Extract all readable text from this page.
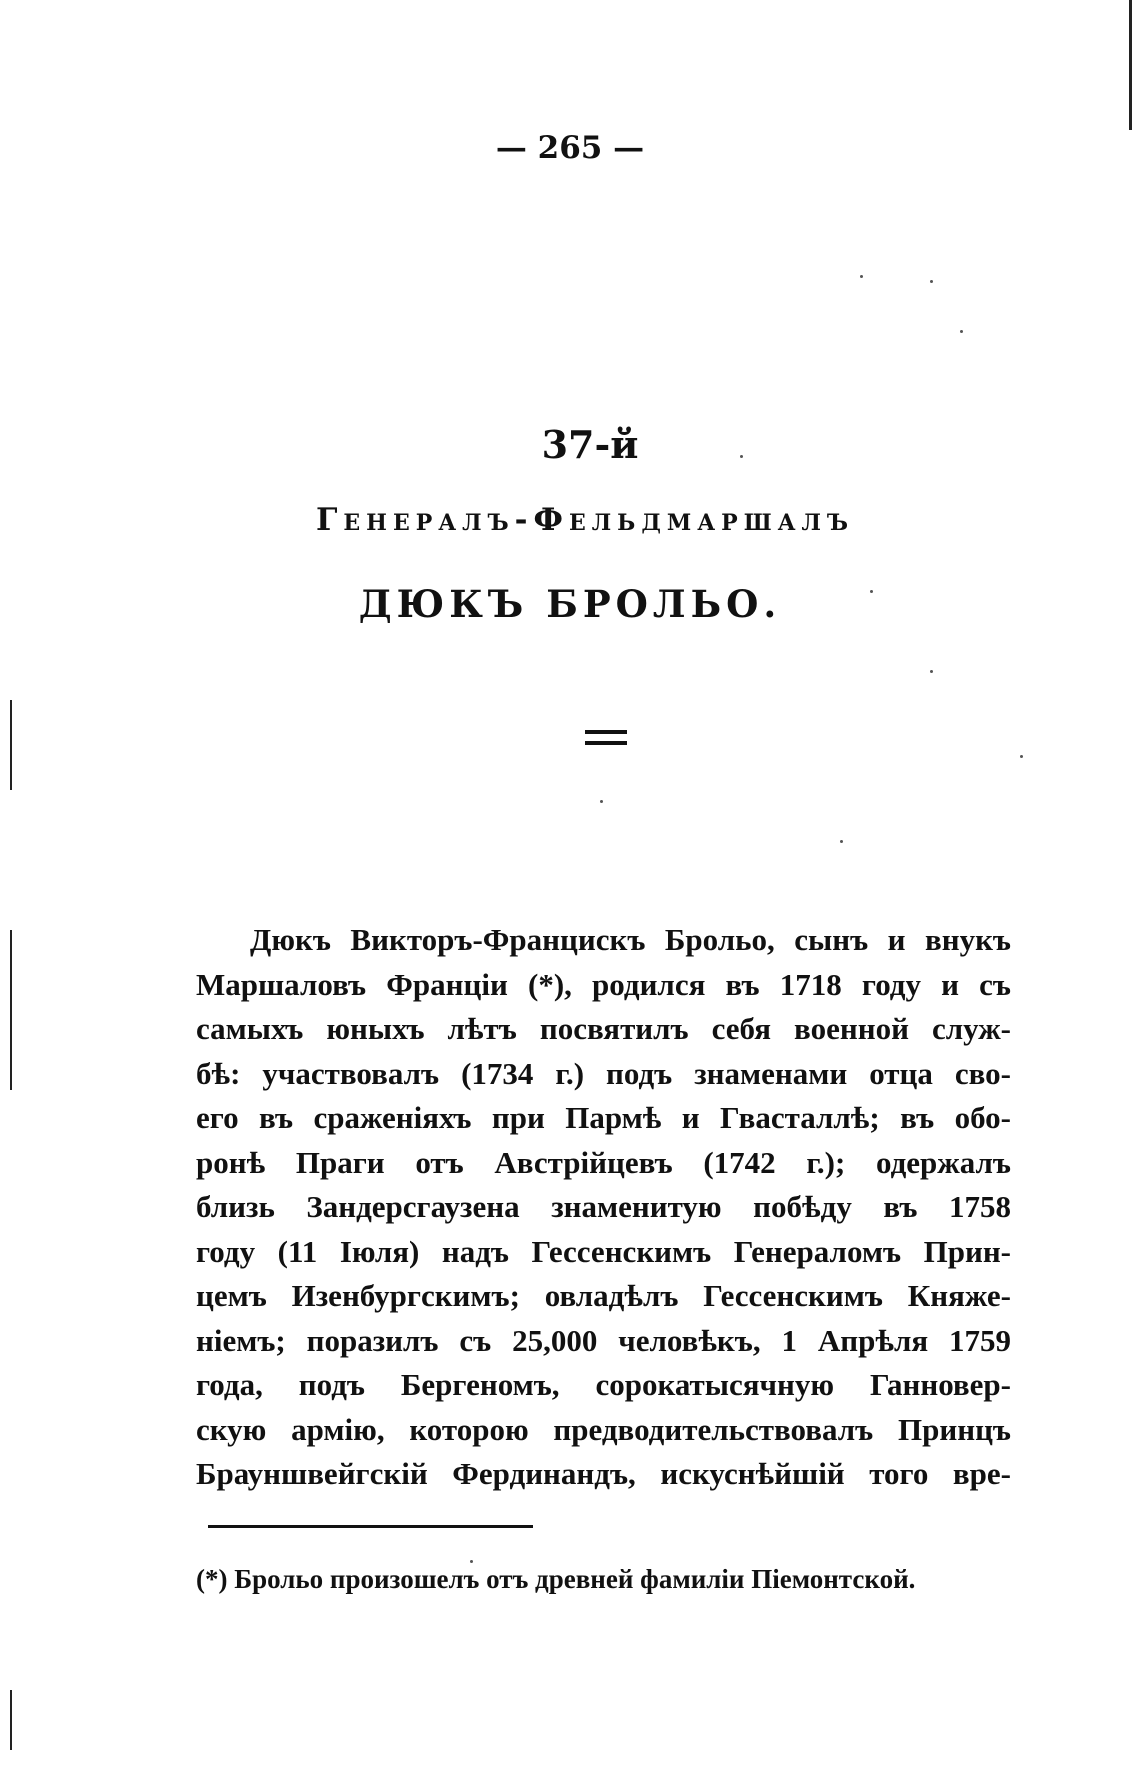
— 265 —
37-й
Генералъ-Фельдмаршалъ
ДЮКЪ БРОЛЬО.
Дюкъ Викторъ-Францискъ Брольо, сынъ и внукъ
Маршаловъ Франціи (*), родился въ 1718 году и съ
самыхъ юныхъ лѣтъ посвятилъ себя военной служ-
бѣ: участвовалъ (1734 г.) подъ знаменами отца сво-
его въ сраженіяхъ при Пармѣ и Гвасталлѣ; въ обо-
ронѣ Праги отъ Австрійцевъ (1742 г.); одержалъ
близь Зандерсгаузена знаменитую побѣду въ 1758
году (11 Іюля) надъ Гессенскимъ Генераломъ Прин-
цемъ Изенбургскимъ; овладѣлъ Гессенскимъ Княже-
ніемъ; поразилъ съ 25,000 человѣкъ, 1 Апрѣля 1759
года, подъ Бергеномъ, сорокатысячную Ганновер-
скую армію, которою предводительствовалъ Принцъ
Брауншвейгскій Фердинандъ, искуснѣйшій того вре-
(*) Брольо произошелъ отъ древней фамиліи Піемонтской.
